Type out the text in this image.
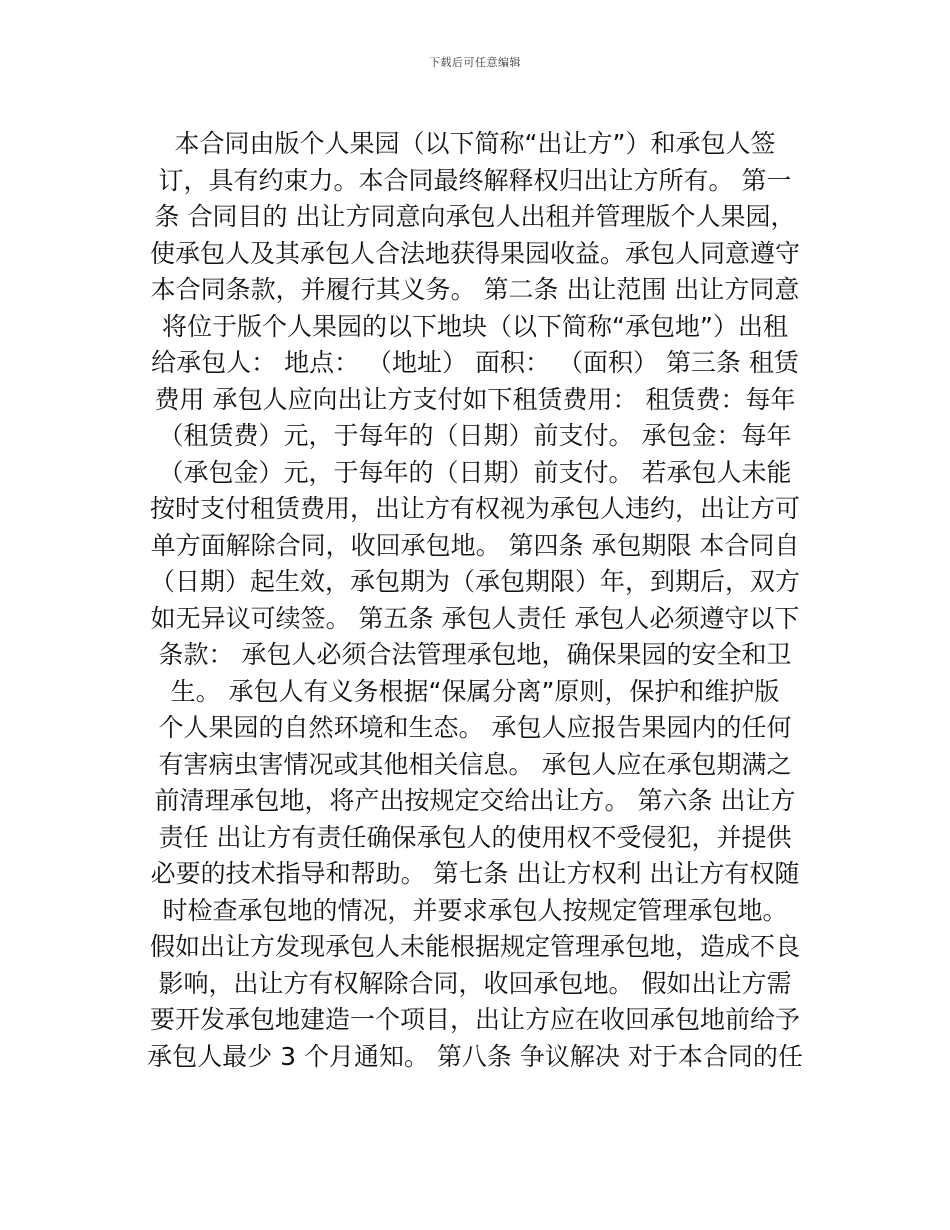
下载后可任意编辑
本合同由版个人果园（以下简称“出让方”）和承包人签
订，具有约束力。本合同最终解释权归出让方所有。 第一
条 合同目的 出让方同意向承包人出租并管理版个人果园，
使承包人及其承包人合法地获得果园收益。承包人同意遵守
本合同条款，并履行其义务。 第二条 出让范围 出让方同意
将位于版个人果园的以下地块（以下简称“承包地”）出租
给承包人： 地点： （地址） 面积： （面积） 第三条 租赁
费用 承包人应向出让方支付如下租赁费用： 租赁费：每年
（租赁费）元，于每年的（日期）前支付。 承包金：每年
（承包金）元，于每年的（日期）前支付。 若承包人未能
按时支付租赁费用，出让方有权视为承包人违约，出让方可
单方面解除合同，收回承包地。 第四条 承包期限 本合同自
（日期）起生效，承包期为（承包期限）年，到期后，双方
如无异议可续签。 第五条 承包人责任 承包人必须遵守以下
条款： 承包人必须合法管理承包地，确保果园的安全和卫
生。 承包人有义务根据“保属分离”原则，保护和维护版
个人果园的自然环境和生态。 承包人应报告果园内的任何
有害病虫害情况或其他相关信息。 承包人应在承包期满之
前清理承包地，将产出按规定交给出让方。 第六条 出让方
责任 出让方有责任确保承包人的使用权不受侵犯，并提供
必要的技术指导和帮助。 第七条 出让方权利 出让方有权随
时检查承包地的情况，并要求承包人按规定管理承包地。
假如出让方发现承包人未能根据规定管理承包地，造成不良
影响，出让方有权解除合同，收回承包地。 假如出让方需
要开发承包地建造一个项目，出让方应在收回承包地前给予
承包人最少 3 个月通知。 第八条 争议解决 对于本合同的任
